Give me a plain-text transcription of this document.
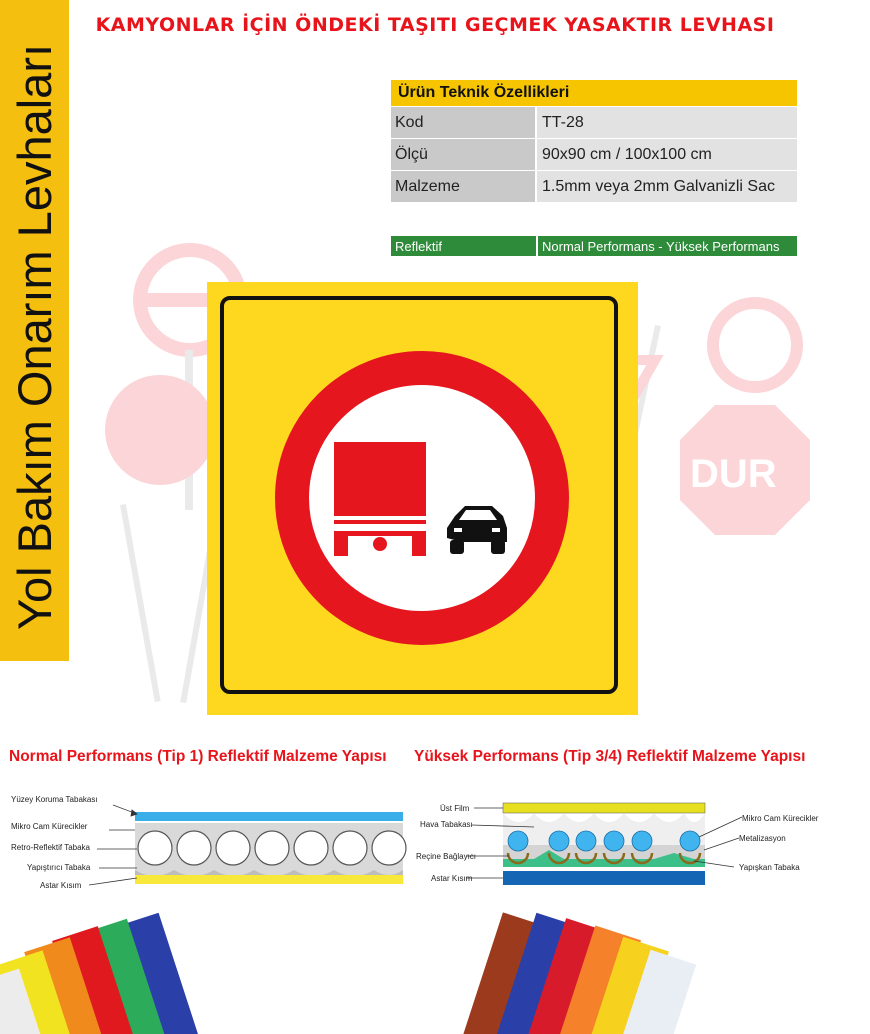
KAMYONLAR İÇİN ÖNDEKİ TAŞITI GEÇMEK YASAKTIR LEVHASI
Yol Bakım Onarım Levhaları	DUR
Ürün Teknik Özellikleri
Kod	TT-28
Ölçü	90x90 cm / 100x100 cm
Malzeme	1.5mm veya 2mm Galvanizli Sac
Reflektif	Normal Performans - Yüksek Performans
Normal Performans (Tip 1) Reflektif Malzeme Yapısı Yüksek Performans (Tip 3/4) Reflektif Malzeme Yapısı
Yüzey Koruma Tabakası
Mikro Cam Kürecikler
Retro-Reflektif Tabaka
Yapıştırıcı Tabaka
Astar Kısım
Üst Film
Hava Tabakası
Reçine Bağlayıcı
Astar Kısım
Mikro Cam Kürecikler
Metalizasyon
Yapışkan Tabaka
